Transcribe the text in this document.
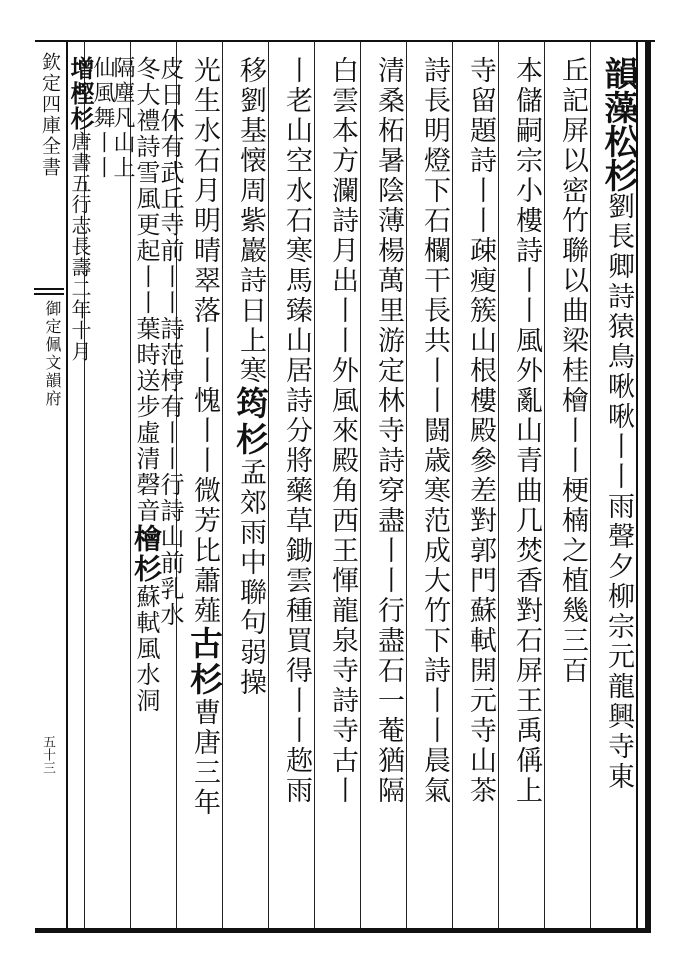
欽定四庫全書
御定佩文韻府
五十三
韻藻松杉劉長卿詩猿鳥啾啾丨丨雨聲夕柳宗元龍興寺東
丘記屏以密竹聯以曲梁桂檜丨丨梗楠之植幾三百
本儲嗣宗小樓詩丨丨風外亂山青曲几焚香對石屏王禹偁上
寺留題詩丨丨疎瘦簇山根樓殿參差對郭門蘇軾開元寺山茶
詩長明燈下石欄干長共丨丨闘歳寒范成大竹下詩丨丨晨氣
清桑柘暑陰薄楊萬里游定林寺詩穿盡丨丨行盡石一菴猶隔
白雲本方瀾詩月出丨丨外風來殿角西王惲龍泉寺詩寺古丨
丨老山空水石寒馬臻山居詩分將藥草鋤雲種買得丨丨趂雨
移劉基懐周紫巖詩日上寒筠杉孟郊雨中聯句弱操
光生水石月明晴翠落丨丨愧丨丨微芳比蕭薤古杉曹唐三年
冬大禮詩雪風更起丨丨葉時送步虛清磬音檜杉蘇軾風水洞
皮日休有武丘寺前丨丨詩范梈有丨丨行詩山前乳水
隔塵凡山上
仙風舞丨丨
增樫杉唐書五行志長壽二年十月
